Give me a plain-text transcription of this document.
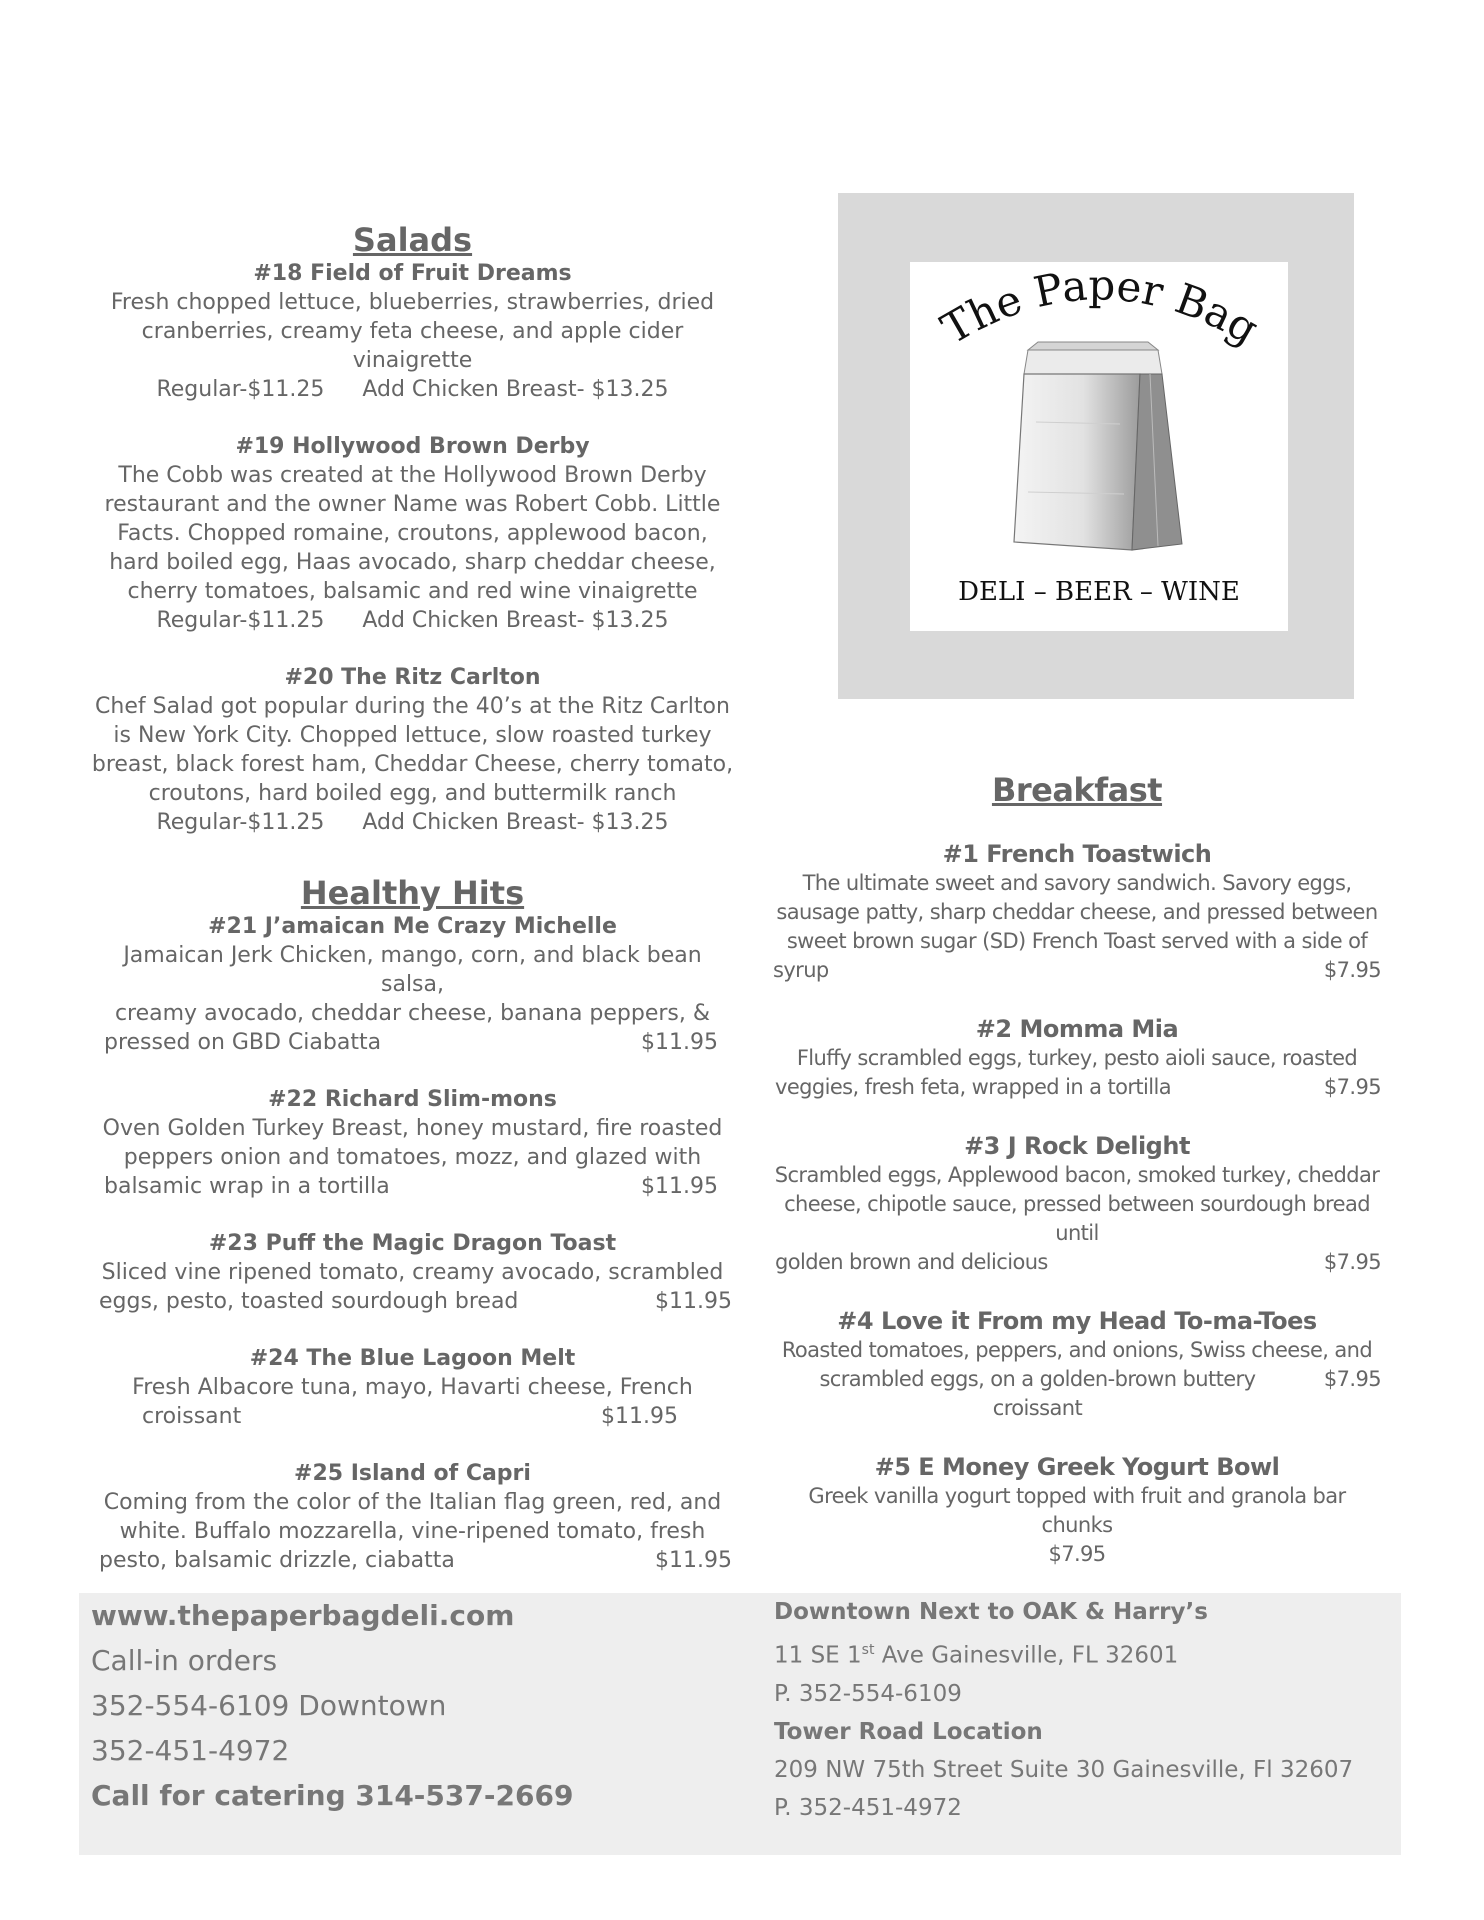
Salads
#18 Field of Fruit Dreams
Fresh chopped lettuce, blueberries, strawberries, dried
cranberries, creamy feta cheese, and apple cider
vinaigrette
Regular-$11.25 Add Chicken Breast- $13.25
#19 Hollywood Brown Derby
The Cobb was created at the Hollywood Brown Derby
restaurant and the owner Name was Robert Cobb. Little
Facts. Chopped romaine, croutons, applewood bacon,
hard boiled egg, Haas avocado, sharp cheddar cheese,
cherry tomatoes, balsamic and red wine vinaigrette
Regular-$11.25 Add Chicken Breast- $13.25
#20 The Ritz Carlton
Chef Salad got popular during the 40’s at the Ritz Carlton
is New York City. Chopped lettuce, slow roasted turkey
breast, black forest ham, Cheddar Cheese, cherry tomato,
croutons, hard boiled egg, and buttermilk ranch
Regular-$11.25 Add Chicken Breast- $13.25
Healthy Hits
#21 J’amaican Me Crazy Michelle
Jamaican Jerk Chicken, mango, corn, and black bean salsa,
creamy avocado, cheddar cheese, banana peppers, &
pressed on GBD Ciabatta	$11.95
#22 Richard Slim-mons
Oven Golden Turkey Breast, honey mustard, fire roasted
peppers onion and tomatoes, mozz, and glazed with
balsamic wrap in a tortilla	$11.95
#23 Puff the Magic Dragon Toast
Sliced vine ripened tomato, creamy avocado, scrambled
eggs, pesto, toasted sourdough bread	$11.95
#24 The Blue Lagoon Melt
Fresh Albacore tuna, mayo, Havarti cheese, French
croissant	$11.95
#25 Island of Capri
Coming from the color of the Italian flag green, red, and
white. Buffalo mozzarella, vine-ripened tomato, fresh
pesto, balsamic drizzle, ciabatta	$11.95
The Paper Bag
DELI – BEER – WINE
Breakfast
#1 French Toastwich
The ultimate sweet and savory sandwich. Savory eggs,
sausage patty, sharp cheddar cheese, and pressed between
sweet brown sugar (SD) French Toast served with a side of
syrup	$7.95
#2 Momma Mia
Fluffy scrambled eggs, turkey, pesto aioli sauce, roasted
veggies, fresh feta, wrapped in a tortilla	$7.95
#3 J Rock Delight
Scrambled eggs, Applewood bacon, smoked turkey, cheddar
cheese, chipotle sauce, pressed between sourdough bread until
golden brown and delicious	$7.95
#4 Love it From my Head To-ma-Toes
Roasted tomatoes, peppers, and onions, Swiss cheese, and
scrambled eggs, on a golden-brown buttery croissant
$7.95
#5 E Money Greek Yogurt Bowl
Greek vanilla yogurt topped with fruit and granola bar chunks
$7.95
www.thepaperbagdeli.com
Call-in orders
352-554-6109 Downtown
352-451-4972
Call for catering 314-537-2669
Downtown Next to OAK & Harry’s
11 SE 1st Ave Gainesville, FL 32601
P. 352-554-6109
Tower Road Location
209 NW 75th Street Suite 30 Gainesville, Fl 32607
P. 352-451-4972
